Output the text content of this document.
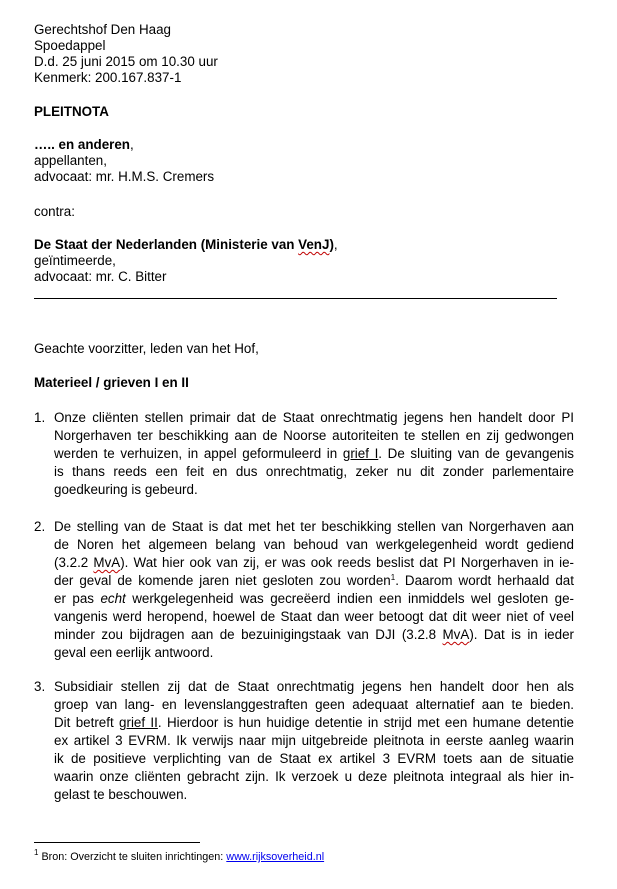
Gerechtshof Den Haag
Spoedappel
D.d. 25 juni 2015 om 10.30 uur
Kenmerk: 200.167.837-1
PLEITNOTA
….. en anderen,
appellanten,
advocaat: mr. H.M.S. Cremers
contra:
De Staat der Nederlanden (Ministerie van VenJ),
geïntimeerde,
advocaat: mr. C. Bitter
Geachte voorzitter, leden van het Hof,
Materieel / grieven I en II
1. Onze cliënten stellen primair dat de Staat onrechtmatig jegens hen handelt door PI
Norgerhaven ter beschikking aan de Noorse autoriteiten te stellen en zij gedwongen
werden te verhuizen, in appel geformuleerd in grief I. De sluiting van de gevangenis
is thans reeds een feit en dus onrechtmatig, zeker nu dit zonder parlementaire
goedkeuring is gebeurd.
2. De stelling van de Staat is dat met het ter beschikking stellen van Norgerhaven aan
de Noren het algemeen belang van behoud van werkgelegenheid wordt gediend
(3.2.2 MvA). Wat hier ook van zij, er was ook reeds beslist dat PI Norgerhaven in ie-
der geval de komende jaren niet gesloten zou worden$^1$. Daarom wordt herhaald dat
er pas echt werkgelegenheid was gecreëerd indien een inmiddels wel gesloten ge-
vangenis werd heropend, hoewel de Staat dan weer betoogt dat dit weer niet of veel
minder zou bijdragen aan de bezuinigingstaak van DJI (3.2.8 MvA). Dat is in ieder
geval een eerlijk antwoord.
3. Subsidiair stellen zij dat de Staat onrechtmatig jegens hen handelt door hen als
groep van lang- en levenslanggestraften geen adequaat alternatief aan te bieden.
Dit betreft grief II. Hierdoor is hun huidige detentie in strijd met een humane detentie
ex artikel 3 EVRM. Ik verwijs naar mijn uitgebreide pleitnota in eerste aanleg waarin
ik de positieve verplichting van de Staat ex artikel 3 EVRM toets aan de situatie
waarin onze cliënten gebracht zijn. Ik verzoek u deze pleitnota integraal als hier in-
gelast te beschouwen.
$^1$ Bron: Overzicht te sluiten inrichtingen: www.rijksoverheid.nl
